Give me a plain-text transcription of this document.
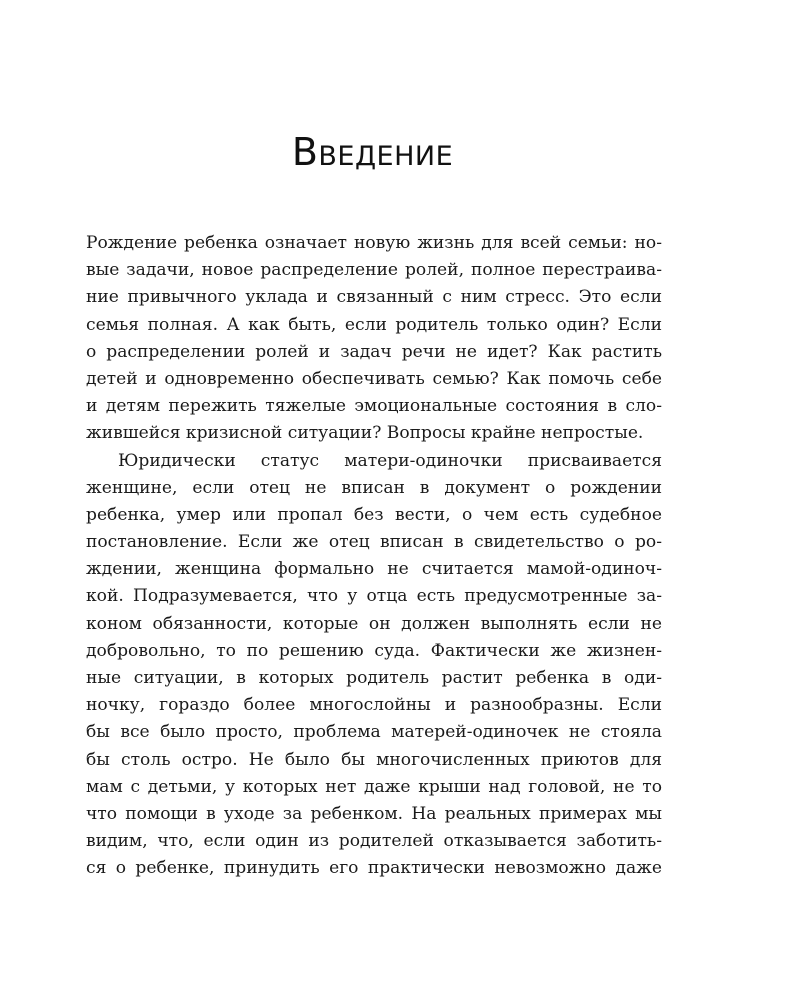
Введение
Рождение ребенка означает новую жизнь для всей семьи: но-
вые задачи, новое распределение ролей, полное перестраива-
ние привычного уклада и связанный с ним стресс. Это если
семья полная. А как быть, если родитель только один? Если
о распределении ролей и задач речи не идет? Как растить
детей и одновременно обеспечивать семью? Как помочь себе
и детям пережить тяжелые эмоциональные состояния в сло-
жившейся кризисной ситуации? Вопросы крайне непростые.
Юридически статус матери-одиночки присваивается
женщине, если отец не вписан в документ о рождении
ребенка, умер или пропал без вести, о чем есть судебное
постановление. Если же отец вписан в свидетельство о ро-
ждении, женщина формально не считается мамой-одиноч-
кой. Подразумевается, что у отца есть предусмотренные за-
коном обязанности, которые он должен выполнять если не
добровольно, то по решению суда. Фактически же жизнен-
ные ситуации, в которых родитель растит ребенка в оди-
ночку, гораздо более многослойны и разнообразны. Если
бы все было просто, проблема матерей-одиночек не стояла
бы столь остро. Не было бы многочисленных приютов для
мам с детьми, у которых нет даже крыши над головой, не то
что помощи в уходе за ребенком. На реальных примерах мы
видим, что, если один из родителей отказывается заботить-
ся о ребенке, принудить его практически невозможно даже
